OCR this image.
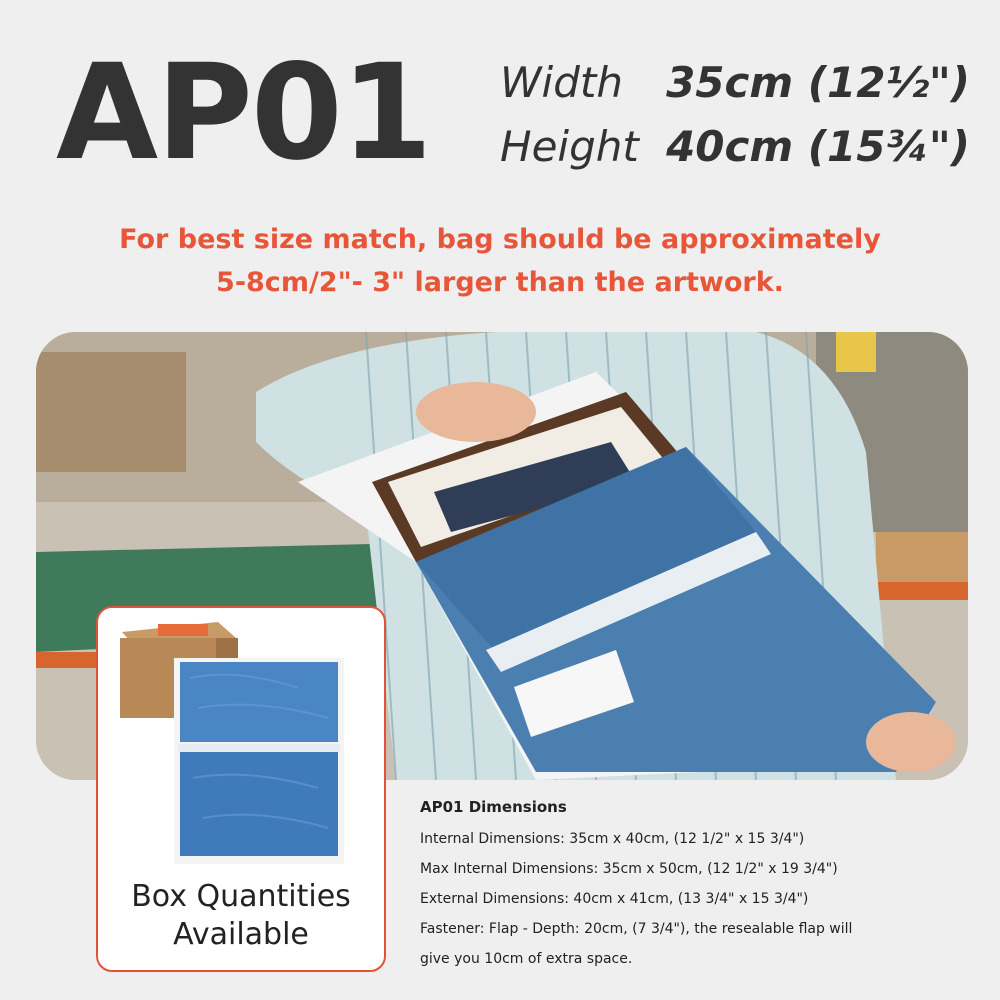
AP01 Width	35cm (12½")
Height 40cm (15¾")
For best size match, bag should be approximately
5-8cm/2"- 3" larger than the artwork.
Box Quantities
Available
AP01 Dimensions
Internal Dimensions: 35cm x 40cm, (12 1/2" x 15 3/4")
Max Internal Dimensions: 35cm x 50cm, (12 1/2" x 19 3/4")
External Dimensions: 40cm x 41cm, (13 3/4" x 15 3/4")
Fastener: Flap - Depth: 20cm, (7 3/4"), the resealable flap will
give you 10cm of extra space.
